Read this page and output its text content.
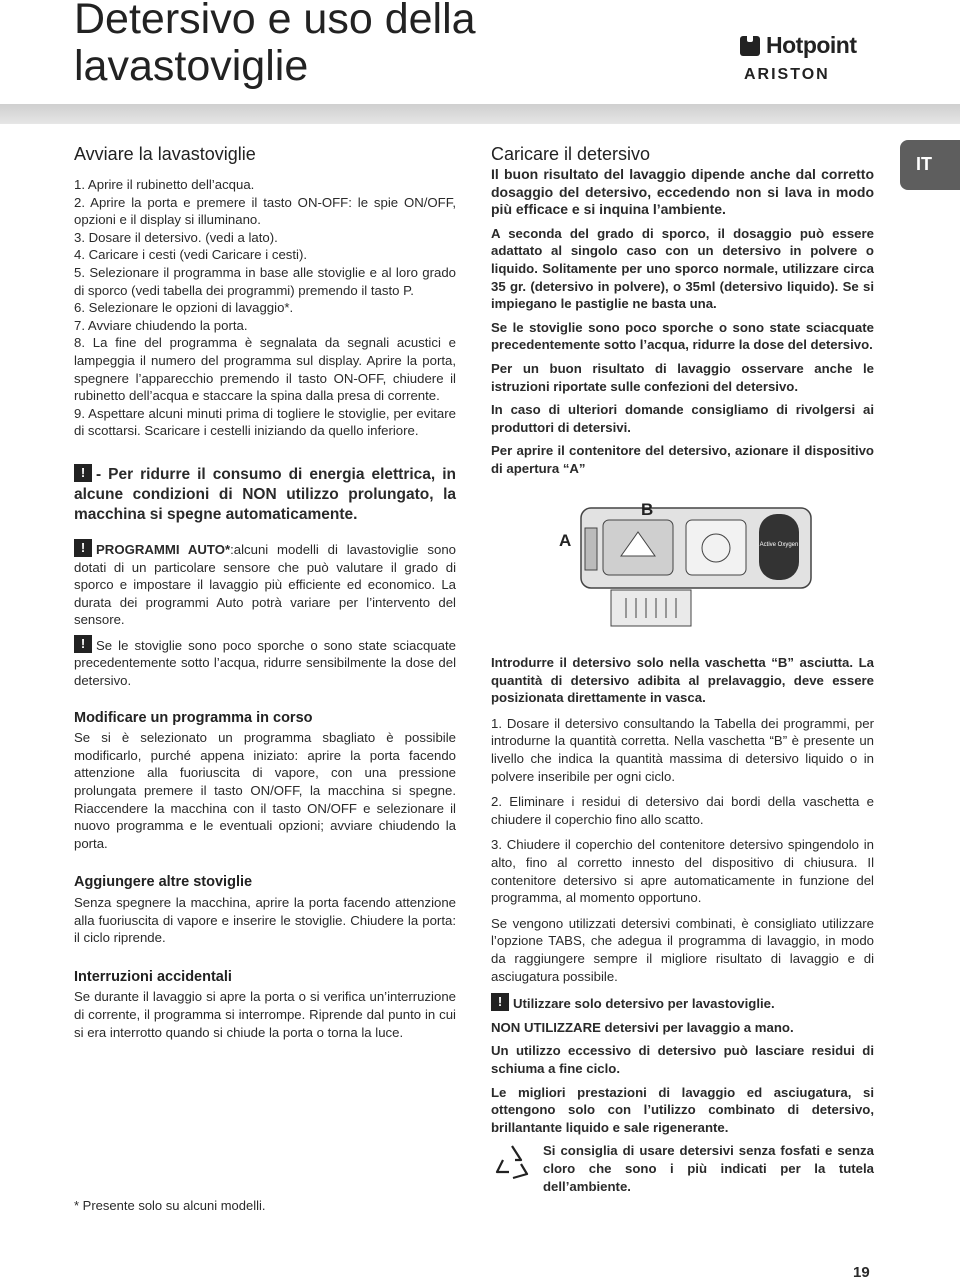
Detersivo e uso della
lavastoviglie	Hotpoint
ARISTON
IT
Avviare la lavastoviglie

1. Aprire il rubinetto dell’acqua.

2. Aprire la porta e premere il tasto ON-OFF: le spie ON/OFF, opzioni e il display si illuminano.

3. Dosare il detersivo. (vedi a lato).

4. Caricare i cesti (vedi Caricare i cesti).

5. Selezionare il programma in base alle stoviglie e al loro grado di sporco (vedi tabella dei programmi) premendo il tasto P.

6. Selezionare le opzioni di lavaggio*.

7. Avviare chiudendo la porta.

8. La fine del programma è segnalata da segnali acustici e lampeggia il numero del programma sul display. Aprire la porta, spegnere l’apparecchio premendo il tasto ON-OFF, chiudere il rubinetto dell’acqua e staccare la spina dalla presa di corrente.

9. Aspettare alcuni minuti prima di togliere le stoviglie, per evitare di scottarsi. Scaricare i cestelli iniziando da quello inferiore.

!- Per ridurre il consumo di energia elettrica, in alcune condizioni di NON utilizzo prolungato, la macchina si spegne automaticamente.

!PROGRAMMI AUTO*:alcuni modelli di lavastoviglie sono dotati di un particolare sensore che può valutare il grado di sporco e impostare il lavaggio più efficiente ed economico. La durata dei programmi Auto potrà variare per l’intervento del sensore.

!Se le stoviglie sono poco sporche o sono state sciacquate precedentemente sotto l’acqua, ridurre sensibilmente la dose del detersivo.

Modificare un programma in corso

Se si è selezionato un programma sbagliato è possibile modificarlo, purché appena iniziato: aprire la porta facendo attenzione alla fuoriuscita di vapore, con una pressione prolungata premere il tasto ON/OFF, la macchina si spegne. Riaccendere la macchina con il tasto ON/OFF e selezionare il nuovo programma e le eventuali opzioni; avviare chiudendo la porta.

Aggiungere altre stoviglie

Senza spegnere la macchina, aprire la porta facendo attenzione alla fuoriuscita di vapore e inserire le stoviglie. Chiudere la porta: il ciclo riprende.

Interruzioni accidentali

Se durante il lavaggio si apre la porta o si verifica un’interruzione di corrente, il programma si interrompe. Riprende dal punto in cui si era interrotto quando si chiude la porta o torna la luce.

Caricare il detersivo

Il buon risultato del lavaggio dipende anche dal corretto dosaggio del detersivo, eccedendo non si lava in modo più efficace e si inquina l’ambiente.

A seconda del grado di sporco, il dosaggio può essere adattato al singolo caso con un detersivo in polvere o liquido. Solitamente per uno sporco normale, utilizzare circa 35 gr. (detersivo in polvere), o 35ml (detersivo liquido). Se si impiegano le pastiglie ne basta una.

Se le stoviglie sono poco sporche o sono state sciacquate precedentemente sotto l’acqua, ridurre la dose del detersivo.

Per un buon risultato di lavaggio osservare anche le istruzioni riportate sulle confezioni del detersivo.

In caso di ulteriori domande consigliamo di rivolgersi ai produttori di detersivi.

Per aprire il contenitore del detersivo, azionare il dispositivo di apertura “A”

Active Oxygen
A
B

Introdurre il detersivo solo nella vaschetta “B” asciutta. La quantità di detersivo adibita al prelavaggio, deve essere posizionata direttamente in vasca.

1. Dosare il detersivo consultando la Tabella dei programmi, per introdurne la quantità corretta. Nella vaschetta “B” è presente un livello che indica la quantità massima di detersivo liquido o in polvere inseribile per ogni ciclo.

2. Eliminare i residui di detersivo dai bordi della vaschetta e chiudere il coperchio fino allo scatto.

3. Chiudere il coperchio del contenitore detersivo spingendolo in alto, fino al corretto innesto del dispositivo di chiusura. Il contenitore detersivo si apre automaticamente in funzione del programma, al momento opportuno.

Se vengono utilizzati detersivi combinati, è consigliato utilizzare l’opzione TABS, che adegua il programma di lavaggio, in modo da raggiungere sempre il migliore risultato di lavaggio e di asciugatura possibile.

!Utilizzare solo detersivo per lavastoviglie.

NON UTILIZZARE detersivi per lavaggio a mano.

Un utilizzo eccessivo di detersivo può lasciare residui di schiuma a fine ciclo.

Le migliori prestazioni di lavaggio ed asciugatura, si ottengono solo con l’utilizzo combinato di detersivo, brillantante liquido e sale rigenerante.

Si consiglia di usare detersivi senza fosfati e senza cloro che sono i più indicati per la tutela dell’ambiente.

* Presente solo su alcuni modelli.
19
